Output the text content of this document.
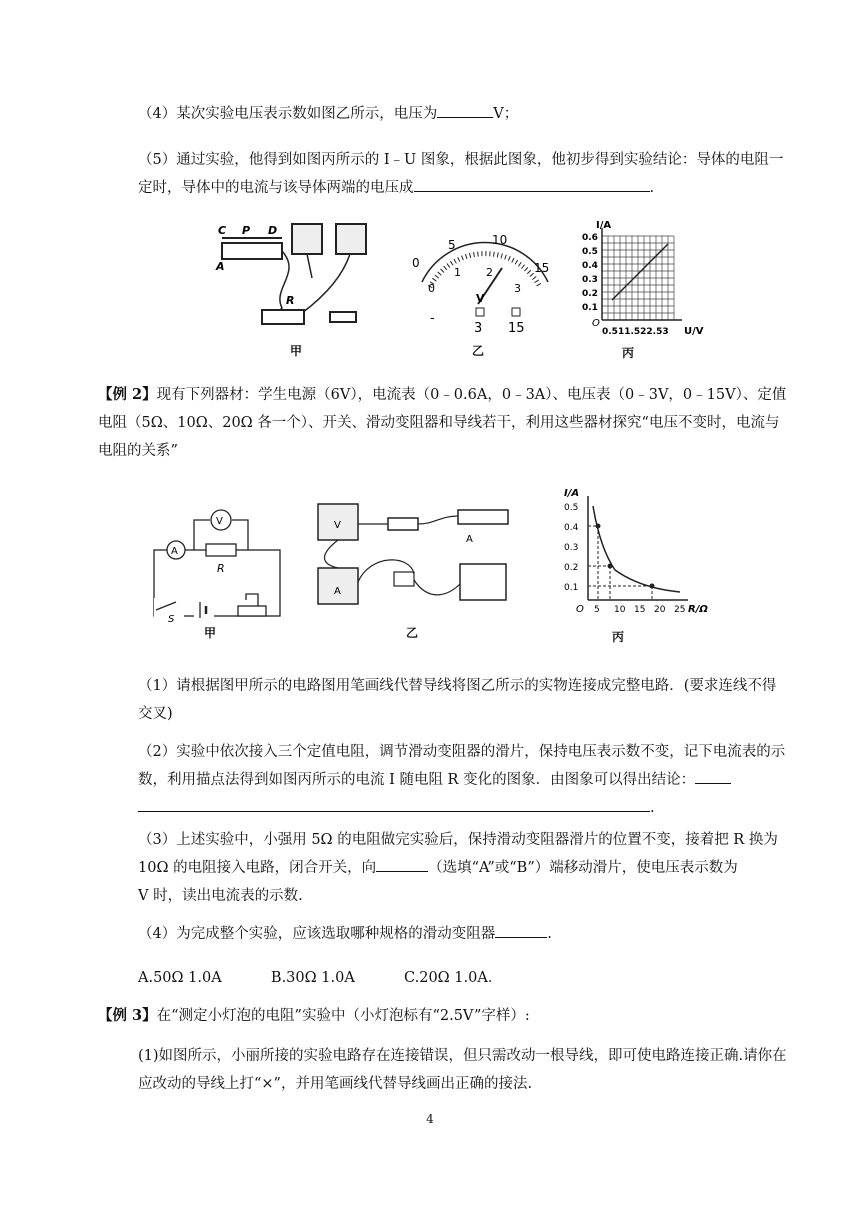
（4）某次实验电压表示数如图乙所示，电压为	V；
（5）通过实验，他得到如图丙所示的 I﹣U 图象，根据此图象，他初步得到实验结论：导体的电阻一定时，导体中的电流与该导体两端的电压成	.
C P D
A
R
甲
0
5	10
15
0
1 2
3
V
-
3 15
乙
I/A
O
0.511.522.53 U/V
0.6
0.5
0.4
0.3
0.2
0.1
丙
【例 2】现有下列器材：学生电源（6V），电流表（0﹣0.6A，0﹣3A）、电压表（0﹣3V，0﹣15V）、定值电阻（5Ω、10Ω、20Ω 各一个）、开关、滑动变阻器和导线若干，利用这些器材探究“电压不变时，电流与电阻的关系”
V
A
R
S
甲
V
A
A
乙
I/A
O	R/Ω
0.5
0.4
0.3
0.2
0.1
5 10 15 20 25
丙
（1）请根据图甲所示的电路图用笔画线代替导线将图乙所示的实物连接成完整电路．(要求连线不得交叉)
（2）实验中依次接入三个定值电阻，调节滑动变阻器的滑片，保持电压表示数不变，记下电流表的示数，利用描点法得到如图丙所示的电流 I 随电阻 R 变化的图象．由图象可以得出结论：
.
（3）上述实验中，小强用 5Ω 的电阻做完实验后，保持滑动变阻器滑片的位置不变，接着把 R 换为 10Ω 的电阻接入电路，闭合开关，向	（选填“A”或“B”）端移动滑片，使电压表示数为
V 时，读出电流表的示数.
（4）为完成整个实验，应该选取哪种规格的滑动变阻器	.
A.50Ω 1.0A	B.30Ω 1.0A	C.20Ω 1.0A．
【例 3】在“测定小灯泡的电阻”实验中（小灯泡标有“2.5V”字样）:
(1)如图所示，小丽所接的实验电路存在连接错误，但只需改动一根导线，即可使电路连接正确.请你在应改动的导线上打“×”，并用笔画线代替导线画出正确的接法.
4
